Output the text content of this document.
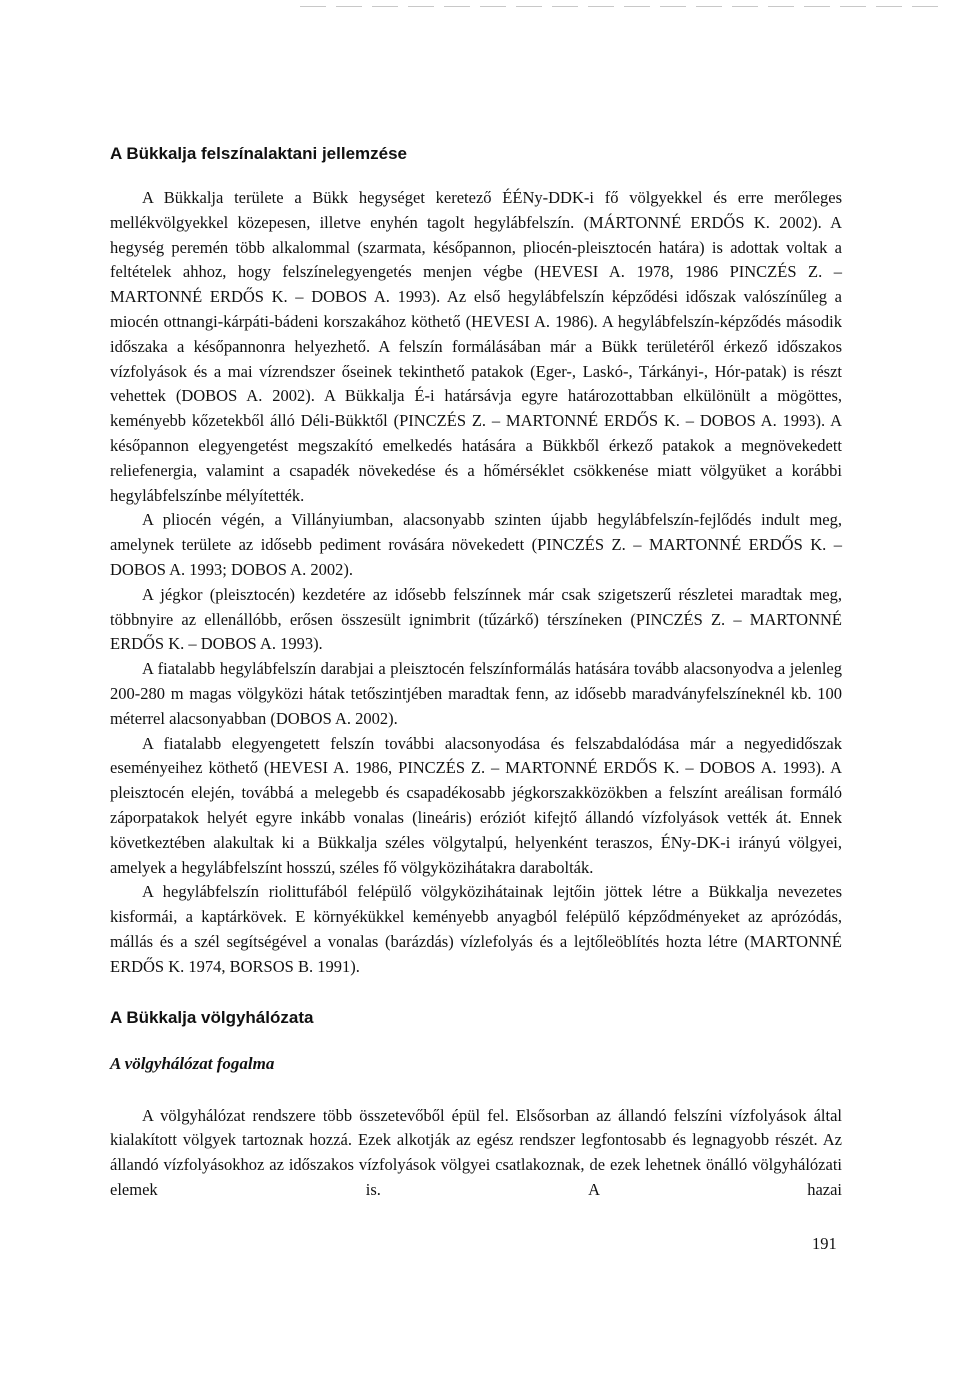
A Bükkalja felszínalaktani jellemzése

A Bükkalja területe a Bükk hegységet keretező ÉÉNy-DDK-i fő völgyekkel és erre merőleges mellékvölgyekkel közepesen, illetve enyhén tagolt hegylábfelszín. (MÁRTONNÉ ERDŐS K. 2002). A hegység peremén több alkalommal (szarmata, későpannon, pliocén-pleisztocén határa) is adottak voltak a feltételek ahhoz, hogy felszínelegyengetés menjen végbe (HEVESI A. 1978, 1986 PINCZÉS Z. – MARTONNÉ ERDŐS K. – DOBOS A. 1993). Az első hegylábfelszín képződési időszak valószínűleg a miocén ottnangi-kárpáti-bádeni korszakához köthető (HEVESI A. 1986). A hegylábfelszín-képződés második időszaka a későpannonra helyezhető. A felszín formálásában már a Bükk területéről érkező időszakos vízfolyások és a mai vízrendszer őseinek tekinthető patakok (Eger-, Laskó-, Tárkányi-, Hór-patak) is részt vehettek (DOBOS A. 2002). A Bükkalja É-i határsávja egyre határozottabban elkülönült a mögöttes, keményebb kőzetekből álló Déli-Bükktől (PINCZÉS Z. – MARTONNÉ ERDŐS K. – DOBOS A. 1993). A későpannon elegyengetést megszakító emelkedés hatására a Bükkből érkező patakok a megnövekedett reliefenergia, valamint a csapadék növekedése és a hőmérséklet csökkenése miatt völgyüket a korábbi hegylábfelszínbe mélyítették.

A pliocén végén, a Villányiumban, alacsonyabb szinten újabb hegylábfelszín-fejlődés indult meg, amelynek területe az idősebb pediment rovására növekedett (PINCZÉS Z. – MARTONNÉ ERDŐS K. – DOBOS A. 1993; DOBOS A. 2002).

A jégkor (pleisztocén) kezdetére az idősebb felszínnek már csak szigetszerű részletei maradtak meg, többnyire az ellenállóbb, erősen összesült ignimbrit (tűzárkő) térszíneken (PINCZÉS Z. – MARTONNÉ ERDŐS K. – DOBOS A. 1993).

A fiatalabb hegylábfelszín darabjai a pleisztocén felszínformálás hatására tovább alacsonyodva a jelenleg 200-280 m magas völgyközi hátak tetőszintjében maradtak fenn, az idősebb maradványfelszíneknél kb. 100 méterrel alacsonyabban (DOBOS A. 2002).

A fiatalabb elegyengetett felszín további alacsonyodása és felszabdalódása már a negyedidőszak eseményeihez köthető (HEVESI A. 1986, PINCZÉS Z. – MARTONNÉ ERDŐS K. – DOBOS A. 1993). A pleisztocén elején, továbbá a melegebb és csapadékosabb jégkorszakközökben a felszínt areálisan formáló záporpatakok helyét egyre inkább vonalas (lineáris) eróziót kifejtő állandó vízfolyások vették át. Ennek következtében alakultak ki a Bükkalja széles völgytalpú, helyenként teraszos, ÉNy-DK-i irányú völgyei, amelyek a hegylábfelszínt hosszú, széles fő völgyközihátakra darabolták.

A hegylábfelszín riolittufából felépülő völgyközihátainak lejtőin jöttek létre a Bükkalja nevezetes kisformái, a kaptárkövek. E környékükkel keményebb anyagból felépülő képződményeket az aprózódás, mállás és a szél segítségével a vonalas (barázdás) vízlefolyás és a lejtőleöblítés hozta létre (MARTONNÉ ERDŐS K. 1974, BORSOS B. 1991).

A Bükkalja völgyhálózata
A völgyhálózat fogalma

A völgyhálózat rendszere több összetevőből épül fel. Elsősorban az állandó felszíni vízfolyások által kialakított völgyek tartoznak hozzá. Ezek alkotják az egész rendszer legfontosabb és legnagyobb részét. Az állandó vízfolyásokhoz az időszakos vízfolyások völgyei csatlakoznak, de ezek lehetnek önálló völgyhálózati elemek is. A hazai

191
